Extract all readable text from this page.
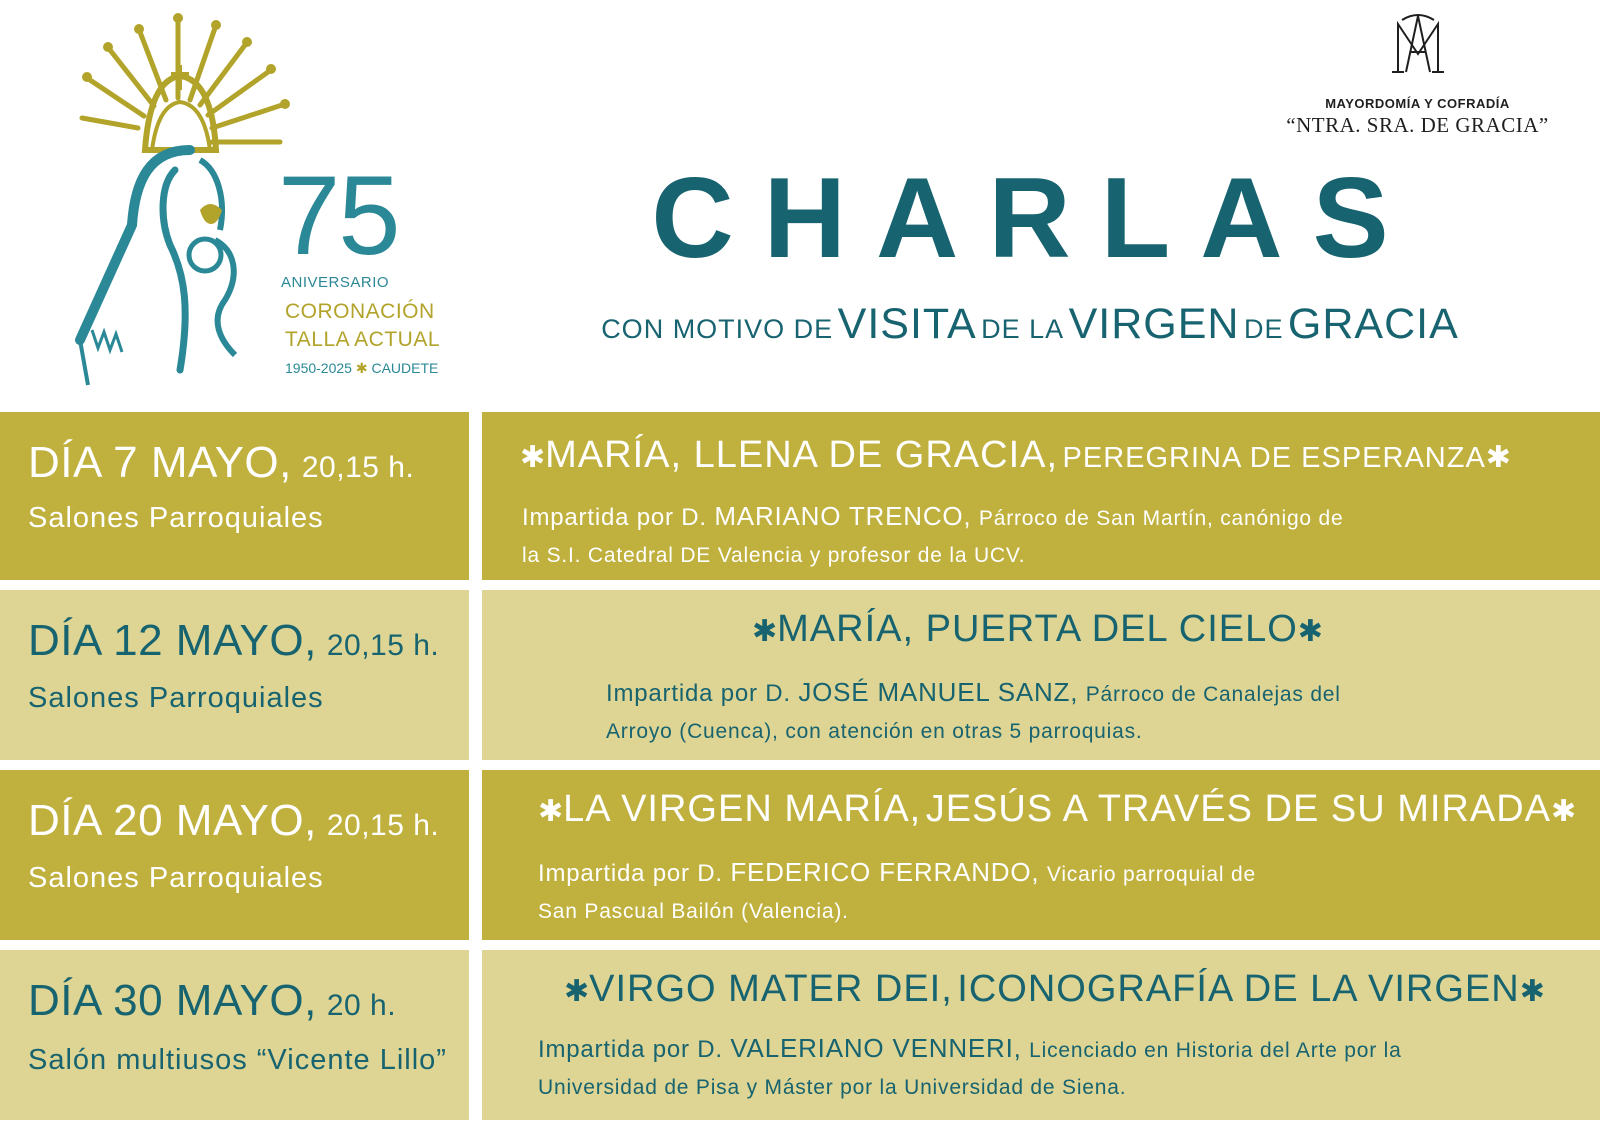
75
ANIVERSARIO
CORONACIÓN
TALLA ACTUAL
1950-2025 ✱ CAUDETE
MAYORDOMÍA Y COFRADÍA
“NTRA. SRA. DE GRACIA”
CHARLAS
CON MOTIVO DE VISITA DE LA VIRGEN DE GRACIA
DÍA 7 MAYO, 20,15 h.
Salones Parroquiales
✱MARÍA, LLENA DE GRACIA, PEREGRINA DE ESPERANZA✱
Impartida por D. MARIANO TRENCO, Párroco de San Martín, canónigo de
la S.I. Catedral DE Valencia y profesor de la UCV.
DÍA 12 MAYO, 20,15 h.
Salones Parroquiales
✱MARÍA, PUERTA DEL CIELO✱
Impartida por D. JOSÉ MANUEL SANZ, Párroco de Canalejas del
Arroyo (Cuenca), con atención en otras 5 parroquias.
DÍA 20 MAYO, 20,15 h.
Salones Parroquiales
✱LA VIRGEN MARÍA, JESÚS A TRAVÉS DE SU MIRADA✱
Impartida por D. FEDERICO FERRANDO, Vicario parroquial de
San Pascual Bailón (Valencia).
DÍA 30 MAYO, 20 h.
Salón multiusos “Vicente Lillo”
✱VIRGO MATER DEI, ICONOGRAFÍA DE LA VIRGEN✱
Impartida por D. VALERIANO VENNERI, Licenciado en Historia del Arte por la
Universidad de Pisa y Máster por la Universidad de Siena.
